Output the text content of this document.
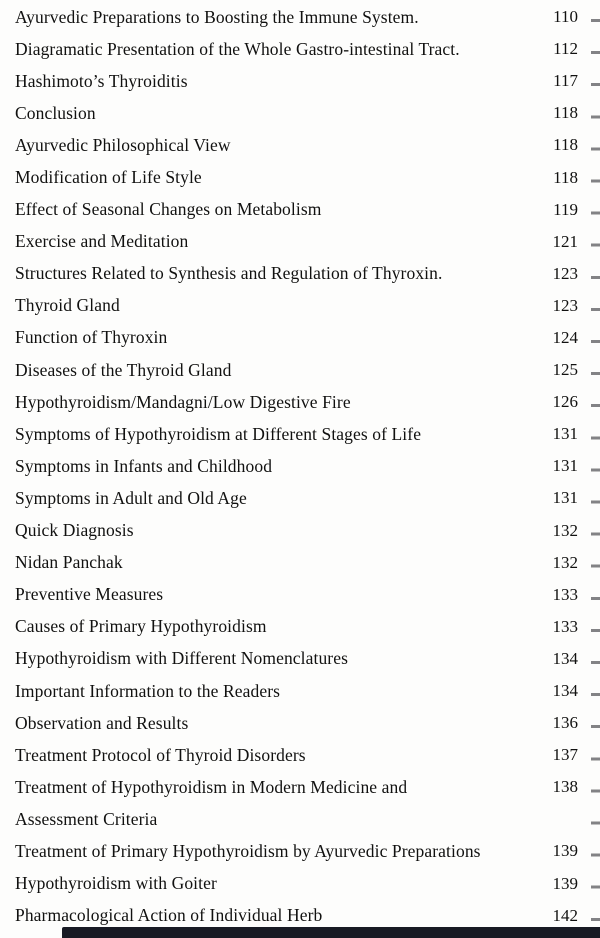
Ayurvedic Preparations to Boosting the Immune System.	110
Diagramatic Presentation of the Whole Gastro-intestinal Tract.	112
Hashimoto’s Thyroiditis	117
Conclusion	118
Ayurvedic Philosophical View	118
Modification of Life Style	118
Effect of Seasonal Changes on Metabolism	119
Exercise and Meditation	121
Structures Related to Synthesis and Regulation of Thyroxin.	123
Thyroid Gland	123
Function of Thyroxin	124
Diseases of the Thyroid Gland	125
Hypothyroidism/Mandagni/Low Digestive Fire	126
Symptoms of Hypothyroidism at Different Stages of Life	131
Symptoms in Infants and Childhood	131
Symptoms in Adult and Old Age	131
Quick Diagnosis	132
Nidan Panchak	132
Preventive Measures	133
Causes of Primary Hypothyroidism	133
Hypothyroidism with Different Nomenclatures	134
Important Information to the Readers	134
Observation and Results	136
Treatment Protocol of Thyroid Disorders	137
Treatment of Hypothyroidism in Modern Medicine and	138
Assessment Criteria
Treatment of Primary Hypothyroidism by Ayurvedic Preparations	139
Hypothyroidism with Goiter	139
Pharmacological Action of Individual Herb	142
